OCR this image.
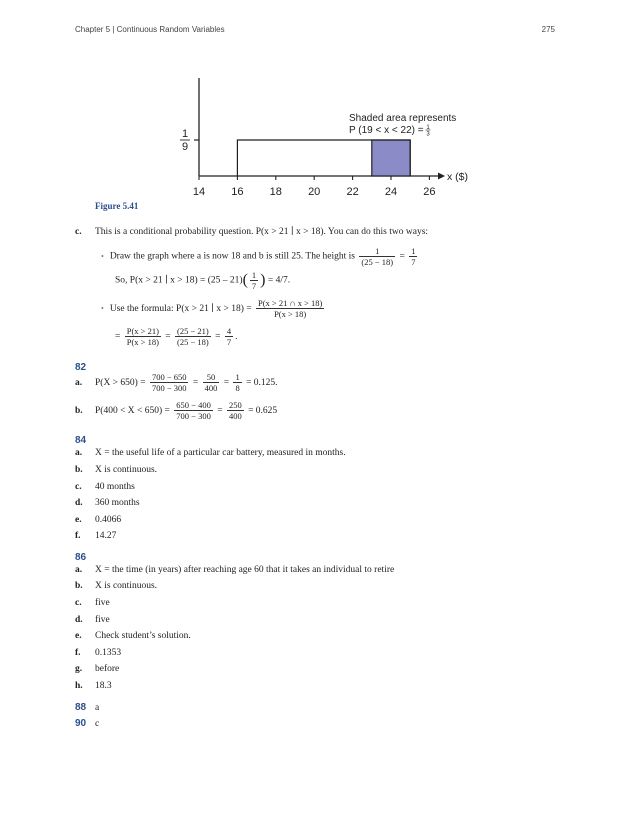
Chapter 5 | Continuous Random Variables	275
1
9
14 16 18 20 22 24 26
x ($)
Shaded area represents
P (19 < x < 22) = 1
3
Figure 5.41
c. This is a conditional probability question. P(x > 21 ∣ x > 18). You can do this two ways:
• Draw the graph where a is now 18 and b is still 25. The height is $\frac{1}{(25 - 18)} = \frac{1}{7}$
So, P(x > 21 ∣ $x > 18) = (25 - 21)( \frac{1}{7}$ ) = 4/7.
• Use the formula: P(x > 21 ∣ $x > 18) = \frac{P(x > 21 \cap x > 18)}{P(x > 18)}$
= $\frac{P(x > 21)}{P(x > 18)} = \frac{(25 - 21)}{(25 - 18)} = \frac{4}{7}$ .
82
a. $P(X > 650) = \frac{700 - 650}{700 - 300} = \frac{50}{400} = \frac{1}{8} = 0.125$.
b. $P(400 < X < 650) = \frac{650 - 400}{700 - 300} = \frac{250}{400} = 0.625$
84
a. X = the useful life of a particular car battery, measured in months.
b. X is continuous.
c. 40 months
d. 360 months
e. 0.4066
f. 14.27
86
a. X = the time (in years) after reaching age 60 that it takes an individual to retire
b. X is continuous.
c. five
d. five
e. Check student’s solution.
f. 0.1353
g. before
h. 18.3
88 a
90 c
